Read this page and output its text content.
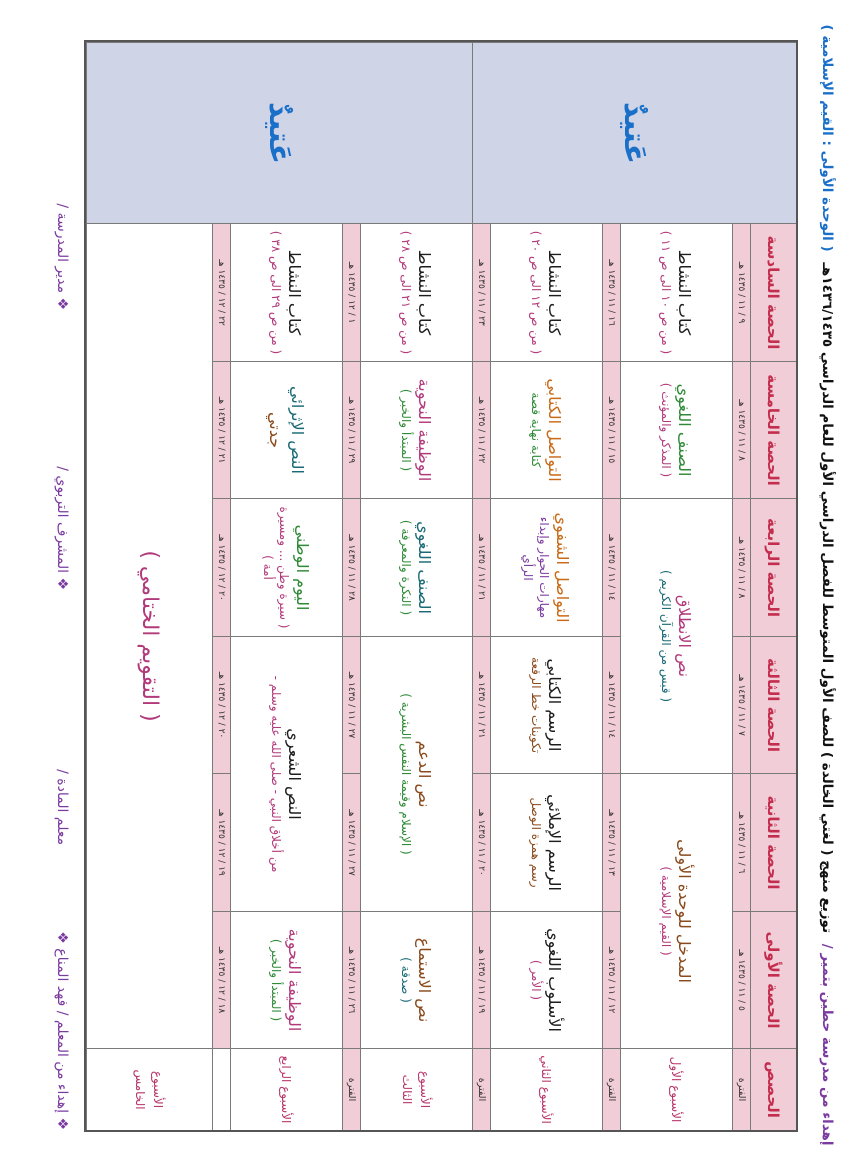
إهداء من مدرسة حطين بتمير / توزيع منهج ( لغتي الخالدة ) للصف الأول المتوسط للفصل الدراسي الأول للعام الدراسي ١٤٣٦/١٤٣٥هـ ( الوحدة الأولى : القيم الإسلامية )
الحصص
الحصة الأولى
الحصة الثانية
الحصة الثالثة
الحصة الرابعة
الحصة الخامسة
الحصة السادسة
عَتيدٌ
عَتيدٌ
الفترة
٥ / ١١ / ١٤٣٥ هـ
٦ / ١١ / ١٤٣٥ هـ
٧ / ١١ / ١٤٣٥ هـ
٨ / ١١ / ١٤٣٥ هـ
٨ / ١١ / ١٤٣٥ هـ
٩ / ١١ / ١٤٣٥ هـ
الأسبوع الأول
المدخل للوحدة الأولى
( القيم الإسلامية )
نص الانطلاق
( قبس من القرآن الكريم )
الصنف اللغوي
( المذكر والمؤنث )
كتاب النشاط
( من ص ١٠ الى ص ١١ )
الفترة
١٢ / ١١ / ١٤٣٥ هـ
١٣ / ١١ / ١٤٣٥ هـ
١٤ / ١١ / ١٤٣٥ هـ
١٤ / ١١ / ١٤٣٥ هـ
١٥ / ١١ / ١٤٣٥ هـ
١٦ / ١١ / ١٤٣٥ هـ
الأسبوع الثاني
الأسلوب اللغوي
( الأمر )
الرسم الإملائي
رسم همزة الوصل
الرسم الكتابي
تكوينات خط الرقعة
التواصل الشفوي
مهارات الحوار وإبداء الرأي
التواصل الكتابي
كتابة نهاية قصة
كتاب النشاط
( من ص ١٢ الى ص ٢٠ )
الفترة
١٩ / ١١ / ١٤٣٥ هـ
٢٠ / ١١ / ١٤٣٥ هـ
٢١ / ١١ / ١٤٣٥ هـ
٢١ / ١١ / ١٤٣٥ هـ
٢٢ / ١١ / ١٤٣٥ هـ
٢٣ / ١١ / ١٤٣٥ هـ
الأسبوع الثالث
نص الاستماع
( صدقة )
نص الدعم
( الإسلام وقيمة النفس البشرية )
الصنف اللغوي
( النكرة والمعرفة )
الوظيفة النحوية
( المبتدأ والخبر )
كتاب النشاط
( من ص ٢١ الى ص ٢٨ )
الفترة
٢٦ / ١١ / ١٤٣٥ هـ
٢٧ / ١١ / ١٤٣٥ هـ
٢٧ / ١١ / ١٤٣٥ هـ
٢٨ / ١١ / ١٤٣٥ هـ
٢٩ / ١١ / ١٤٣٥ هـ
١ / ١٢ / ١٤٣٥ هـ
الأسبوع الرابع
الوظيفة النحوية
( المبتدأ والخبر )
النص الشعري
من أخلاق النبي - صلى الله عليه وسلم -
اليوم الوطني
( سيرة وطن ... ومسيرة أمة )
النص الإثرائي
جدتي
كتاب النشاط
( من ص ٢٩ الى ص ٣٨ )
١٨ / ١٢ / ١٤٣٥ هـ
١٩ / ١٢ / ١٤٣٥ هـ
٢٠ / ١٢ / ١٤٣٥ هـ
٢٠ / ١٢ / ١٤٣٥ هـ
٢١ / ١٢ / ١٤٣٥ هـ
٢٢ / ١٢ / ١٤٣٥ هـ
الأسبوع الخامس
( التقويم الختامي )
❖ إهداء من المعلم / فهد المناع ❖
معلم المادة /
❖ المشرف التربوي /
❖ مدير المدرسة /
